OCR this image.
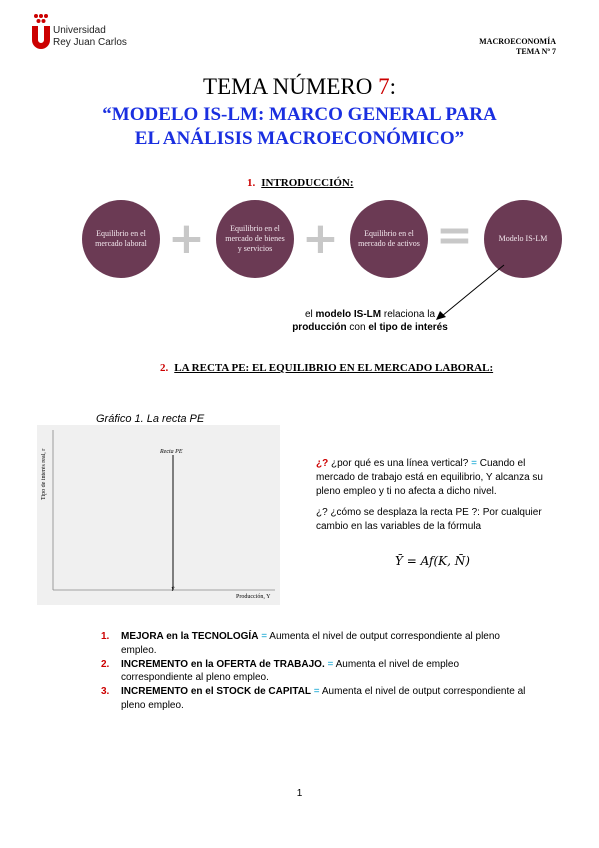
Universidad
Rey Juan Carlos	MACROECONOMÍA
TEMA Nº 7
TEMA NÚMERO 7:
“MODELO IS-LM: MARCO GENERAL PARA
EL ANÁLISIS MACROECONÓMICO”
1. INTRODUCCIÓN:
Equilibrio en el mercado laboral +	Equilibrio en el mercado de bienes y servicios +	Equilibrio en el mercado de activos =	Modelo IS-LM
el modelo IS-LM relaciona la producción con el tipo de interés
2. LA RECTA PE: EL EQUILIBRIO EN EL MERCADO LABORAL:
Gráfico 1. La recta PE
Tipo de interés real, r
Producción, Y
Recta PE
Ȳ
¿? ¿por qué es una línea vertical? = Cuando el mercado de trabajo está en equilibrio, Y alcanza su pleno empleo y ti no afecta a dicho nivel.
¿? ¿cómo se desplaza la recta PE ?: Por cualquier cambio en las variables de la fórmula
Ȳ = Af(K, N̄)
1.	MEJORA en la TECNOLOGÍA = Aumenta el nivel de output correspondiente al pleno empleo.
2.	INCREMENTO en la OFERTA de TRABAJO. = Aumenta el nivel de empleo correspondiente al pleno empleo.
3.	INCREMENTO en el STOCK de CAPITAL = Aumenta el nivel de output correspondiente al pleno empleo.
1
